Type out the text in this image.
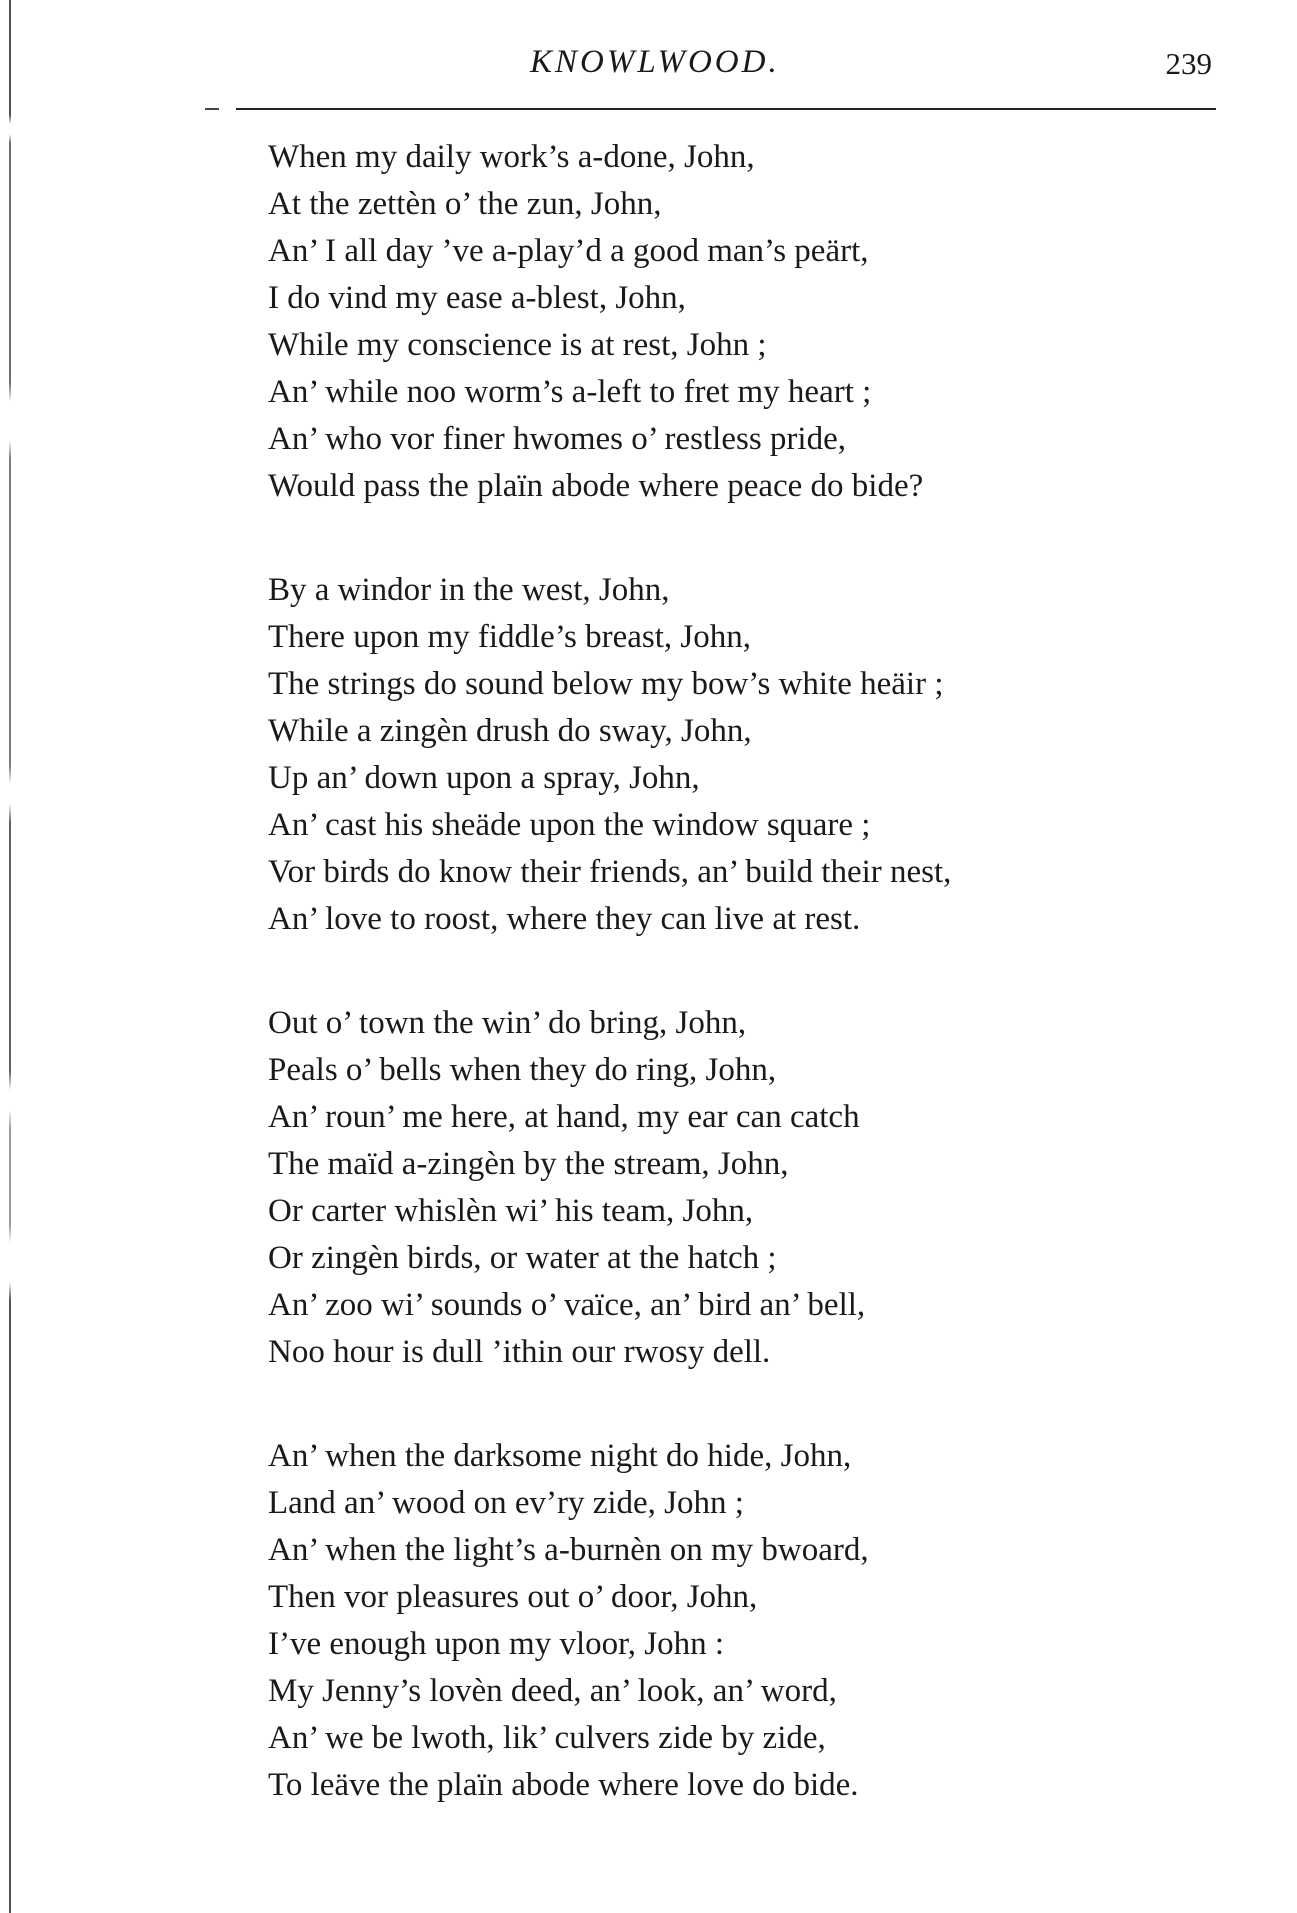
KNOWLWOOD.	239
When my daily work’s a-done, John,
At the zettèn o’ the zun, John,
An’ I all day ’ve a-play’d a good man’s peärt,
I do vind my ease a-blest, John,
While my conscience is at rest, John ;
An’ while noo worm’s a-left to fret my heart ;
An’ who vor finer hwomes o’ restless pride,
Would pass the plaïn abode where peace do bide?
By a windor in the west, John,
There upon my fiddle’s breast, John,
The strings do sound below my bow’s white heäir ;
While a zingèn drush do sway, John,
Up an’ down upon a spray, John,
An’ cast his sheäde upon the window square ;
Vor birds do know their friends, an’ build their nest,
An’ love to roost, where they can live at rest.
Out o’ town the win’ do bring, John,
Peals o’ bells when they do ring, John,
An’ roun’ me here, at hand, my ear can catch
The maïd a-zingèn by the stream, John,
Or carter whislèn wi’ his team, John,
Or zingèn birds, or water at the hatch ;
An’ zoo wi’ sounds o’ vaïce, an’ bird an’ bell,
Noo hour is dull ’ithin our rwosy dell.
An’ when the darksome night do hide, John,
Land an’ wood on ev’ry zide, John ;
An’ when the light’s a-burnèn on my bwoard,
Then vor pleasures out o’ door, John,
I’ve enough upon my vloor, John :
My Jenny’s lovèn deed, an’ look, an’ word,
An’ we be lwoth, lik’ culvers zide by zide,
To leäve the plaïn abode where love do bide.
